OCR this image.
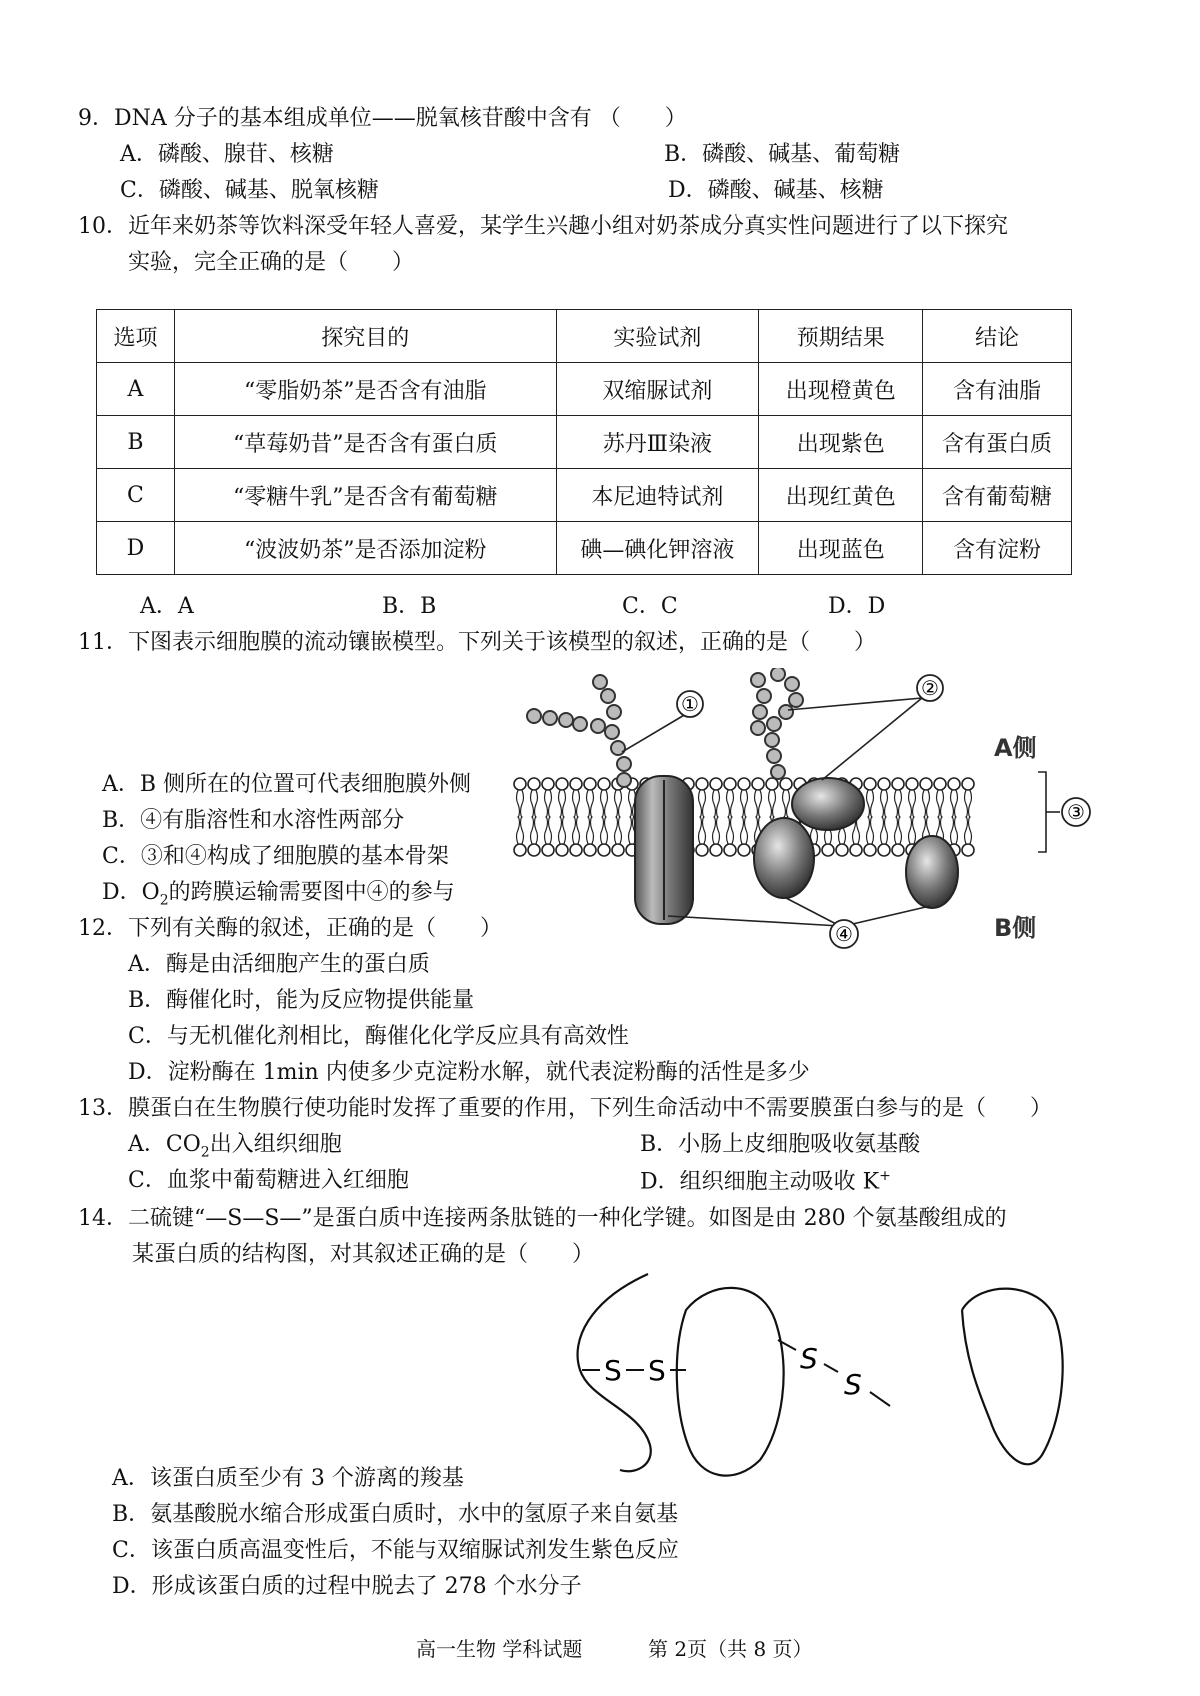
9．DNA 分子的基本组成单位——脱氧核苷酸中含有 （　　）
A．磷酸、腺苷、核糖	B．磷酸、碱基、葡萄糖
C．磷酸、碱基、脱氧核糖	D．磷酸、碱基、核糖
10．近年来奶茶等饮料深受年轻人喜爱，某学生兴趣小组对奶茶成分真实性问题进行了以下探究
实验，完全正确的是（　　）
选项	探究目的	实验试剂	预期结果	结论
A	“零脂奶茶”是否含有油脂	双缩脲试剂	出现橙黄色	含有油脂
B	“草莓奶昔”是否含有蛋白质	苏丹Ⅲ染液	出现紫色	含有蛋白质
C	“零糖牛乳”是否含有葡萄糖	本尼迪特试剂	出现红黄色	含有葡萄糖
D	“波波奶茶”是否添加淀粉	碘—碘化钾溶液	出现蓝色	含有淀粉
A．A	B．B	C．C	D．D
11．下图表示细胞膜的流动镶嵌模型。下列关于该模型的叙述，正确的是（　　）
A．B 侧所在的位置可代表细胞膜外侧
B．④有脂溶性和水溶性两部分
C．③和④构成了细胞膜的基本骨架
D．$O_2$的跨膜运输需要图中④的参与
①
②
③
④
A侧
B侧
12．下列有关酶的叙述，正确的是（　　）
A．酶是由活细胞产生的蛋白质
B．酶催化时，能为反应物提供能量
C．与无机催化剂相比，酶催化化学反应具有高效性
D．淀粉酶在 1min 内使多少克淀粉水解，就代表淀粉酶的活性是多少
13．膜蛋白在生物膜行使功能时发挥了重要的作用，下列生命活动中不需要膜蛋白参与的是（　　）
A．$CO_2$出入组织细胞	B．小肠上皮细胞吸收氨基酸
C．血浆中葡萄糖进入红细胞	D．组织细胞主动吸收 K+
14．二硫键“—S—S—”是蛋白质中连接两条肽链的一种化学键。如图是由 280 个氨基酸组成的
某蛋白质的结构图，对其叙述正确的是（　　）
S S	S
S
A．该蛋白质至少有 3 个游离的羧基
B．氨基酸脱水缩合形成蛋白质时，水中的氢原子来自氨基
C．该蛋白质高温变性后，不能与双缩脲试剂发生紫色反应
D．形成该蛋白质的过程中脱去了 278 个水分子
高一生物 学科试题	第 2页（共 8 页）
